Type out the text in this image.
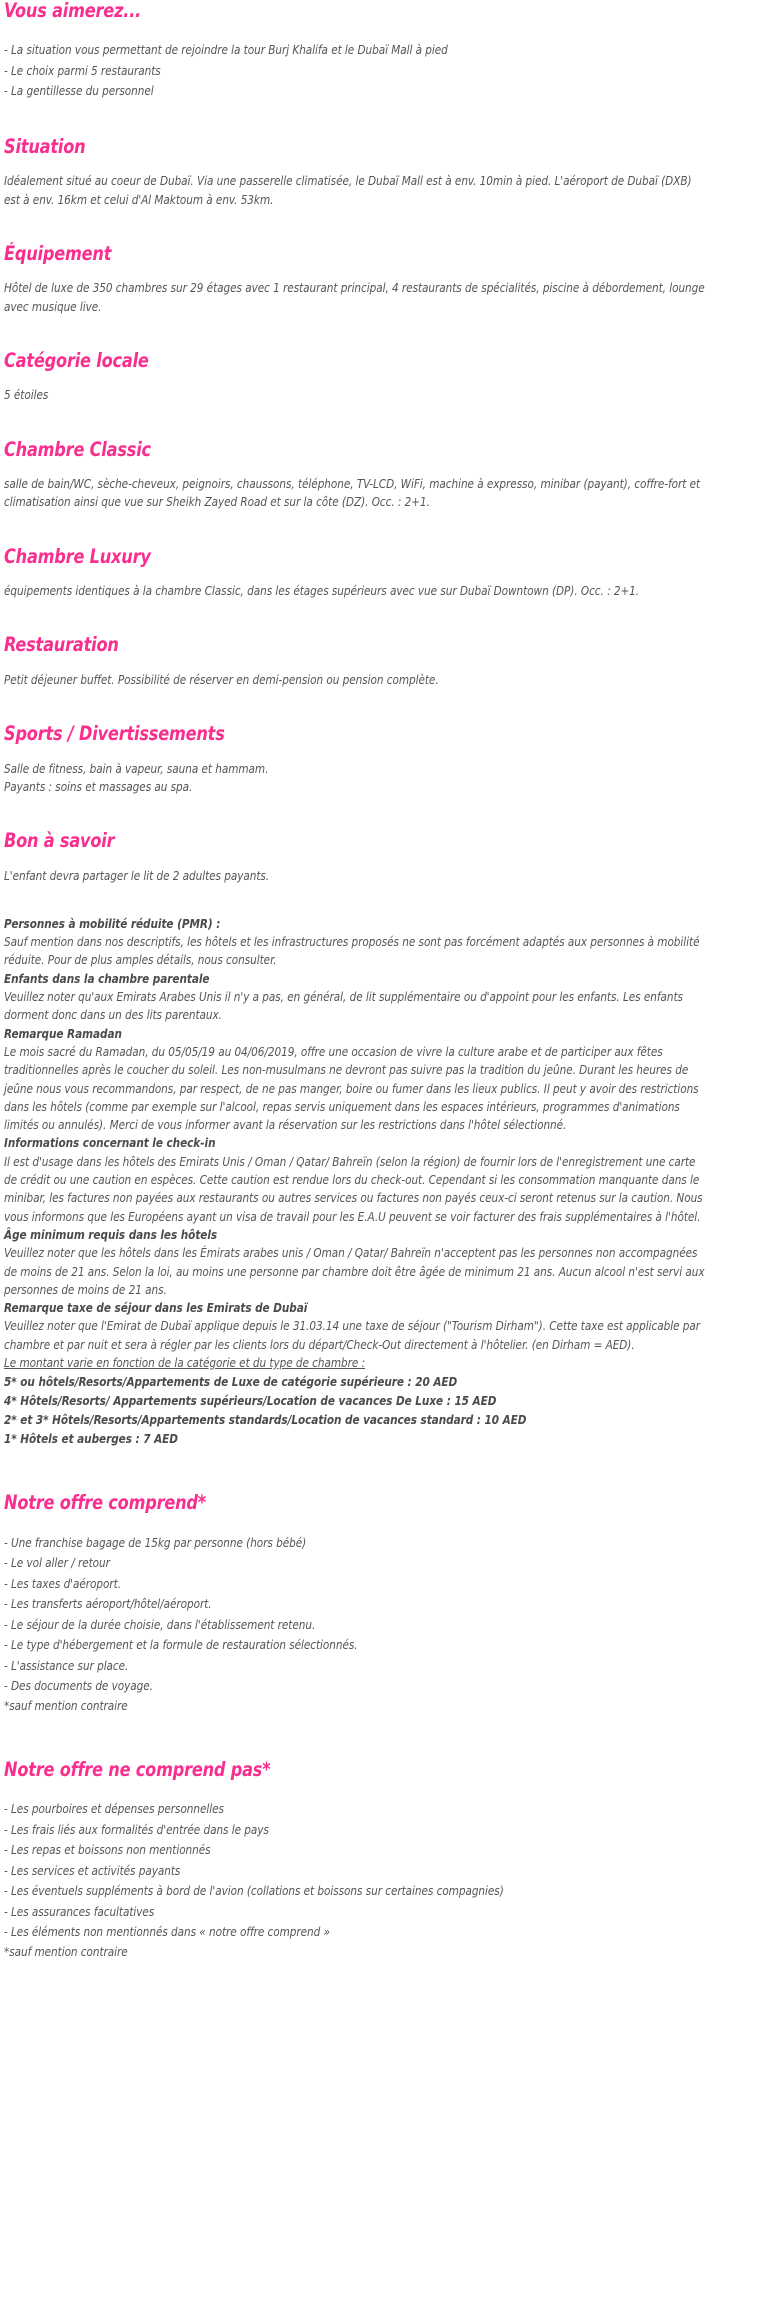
Vous aimerez...

- La situation vous permettant de rejoindre la tour Burj Khalifa et le Dubaï Mall à pied

- Le choix parmi 5 restaurants

- La gentillesse du personnel

Situation

Idéalement situé au coeur de Dubaï. Via une passerelle climatisée, le Dubaï Mall est à env. 10min à pied. L'aéroport de Dubaï (DXB) est à env. 16km et celui d'Al Maktoum à env. 53km.

Équipement

Hôtel de luxe de 350 chambres sur 29 étages avec 1 restaurant principal, 4 restaurants de spécialités, piscine à débordement, lounge avec musique live.

Catégorie locale

5 étoiles

Chambre Classic

salle de bain/WC, sèche-cheveux, peignoirs, chaussons, téléphone, TV-LCD, WiFi, machine à expresso, minibar (payant), coffre-fort et climatisation ainsi que vue sur Sheikh Zayed Road et sur la côte (DZ). Occ. : 2+1.

Chambre Luxury

équipements identiques à la chambre Classic, dans les étages supérieurs avec vue sur Dubaï Downtown (DP). Occ. : 2+1.

Restauration

Petit déjeuner buffet. Possibilité de réserver en demi-pension ou pension complète.

Sports / Divertissements

Salle de fitness, bain à vapeur, sauna et hammam.

Payants : soins et massages au spa.

Bon à savoir

L'enfant devra partager le lit de 2 adultes payants.

Personnes à mobilité réduite (PMR) :

Sauf mention dans nos descriptifs, les hôtels et les infrastructures proposés ne sont pas forcément adaptés aux personnes à mobilité réduite. Pour de plus amples détails, nous consulter.

Enfants dans la chambre parentale

Veuillez noter qu'aux Emirats Arabes Unis il n'y a pas, en général, de lit supplémentaire ou d'appoint pour les enfants. Les enfants dorment donc dans un des lits parentaux.

Remarque Ramadan

Le mois sacré du Ramadan, du 05/05/19 au 04/06/2019, offre une occasion de vivre la culture arabe et de participer aux fêtes traditionnelles après le coucher du soleil. Les non-musulmans ne devront pas suivre pas la tradition du jeûne. Durant les heures de jeûne nous vous recommandons, par respect, de ne pas manger, boire ou fumer dans les lieux publics. Il peut y avoir des restrictions dans les hôtels (comme par exemple sur l'alcool, repas servis uniquement dans les espaces intérieurs, programmes d'animations limités ou annulés). Merci de vous informer avant la réservation sur les restrictions dans l'hôtel sélectionné.

Informations concernant le check-in

Il est d'usage dans les hôtels des Emirats Unis / Oman / Qatar/ Bahreïn (selon la région) de fournir lors de l'enregistrement une carte de crédit ou une caution en espèces. Cette caution est rendue lors du check-out. Cependant si les consommation manquante dans le minibar, les factures non payées aux restaurants ou autres services ou factures non payés ceux-ci seront retenus sur la caution. Nous vous informons que les Européens ayant un visa de travail pour les E.A.U peuvent se voir facturer des frais supplémentaires à l'hôtel.

Âge minimum requis dans les hôtels

Veuillez noter que les hôtels dans les Émirats arabes unis / Oman / Qatar/ Bahreïn n'acceptent pas les personnes non accompagnées de moins de 21 ans. Selon la loi, au moins une personne par chambre doit être âgée de minimum 21 ans. Aucun alcool n'est servi aux personnes de moins de 21 ans.

Remarque taxe de séjour dans les Emirats de Dubaï

Veuillez noter que l'Emirat de Dubaï applique depuis le 31.03.14 une taxe de séjour ("Tourism Dirham"). Cette taxe est applicable par chambre et par nuit et sera à régler par les clients lors du départ/Check-Out directement à l'hôtelier. (en Dirham = AED).

Le montant varie en fonction de la catégorie et du type de chambre :

5* ou hôtels/Resorts/Appartements de Luxe de catégorie supérieure : 20 AED

4* Hôtels/Resorts/ Appartements supérieurs/Location de vacances De Luxe : 15 AED

2* et 3* Hôtels/Resorts/Appartements standards/Location de vacances standard : 10 AED

1* Hôtels et auberges : 7 AED

Notre offre comprend*

- Une franchise bagage de 15kg par personne (hors bébé)

- Le vol aller / retour

- Les taxes d'aéroport.

- Les transferts aéroport/hôtel/aéroport.

- Le séjour de la durée choisie, dans l'établissement retenu.

- Le type d'hébergement et la formule de restauration sélectionnés.

- L'assistance sur place.

- Des documents de voyage.

*sauf mention contraire

Notre offre ne comprend pas*

- Les pourboires et dépenses personnelles

- Les frais liés aux formalités d'entrée dans le pays

- Les repas et boissons non mentionnés

- Les services et activités payants

- Les éventuels suppléments à bord de l'avion (collations et boissons sur certaines compagnies)

- Les assurances facultatives

- Les éléments non mentionnés dans « notre offre comprend »

*sauf mention contraire
